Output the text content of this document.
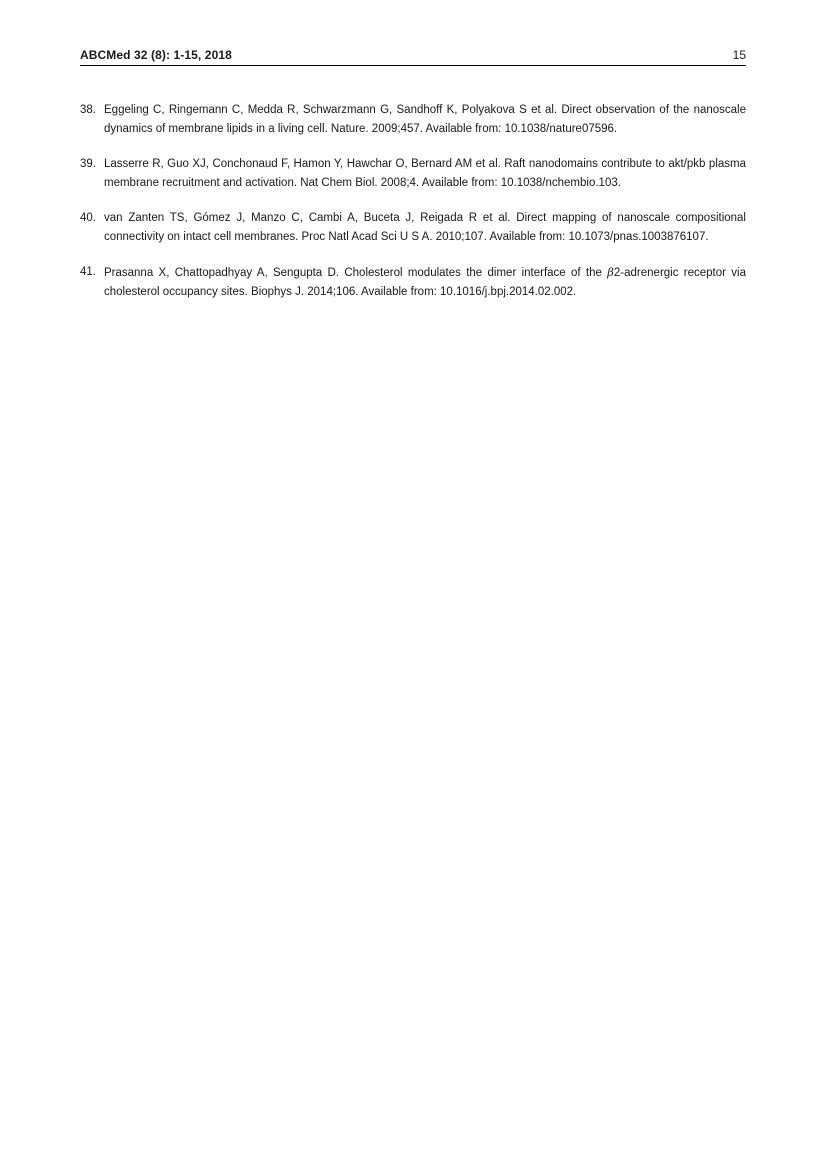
ABCMed 32 (8): 1-15, 2018	15
38. Eggeling C, Ringemann C, Medda R, Schwarzmann G, Sandhoff K, Polyakova S et al. Direct observation of the nanoscale dynamics of membrane lipids in a living cell. Nature. 2009;457. Available from: 10.1038/nature07596.
39. Lasserre R, Guo XJ, Conchonaud F, Hamon Y, Hawchar O, Bernard AM et al. Raft nanodomains contribute to akt/pkb plasma membrane recruitment and activation. Nat Chem Biol. 2008;4. Available from: 10.1038/nchembio.103.
40. van Zanten TS, Gómez J, Manzo C, Cambi A, Buceta J, Reigada R et al. Direct mapping of nanoscale compositional connectivity on intact cell membranes. Proc Natl Acad Sci U S A. 2010;107. Available from: 10.1073/pnas.1003876107.
41. Prasanna X, Chattopadhyay A, Sengupta D. Cholesterol modulates the dimer interface of the β2-adrenergic receptor via cholesterol occupancy sites. Biophys J. 2014;106. Available from: 10.1016/j.bpj.2014.02.002.
